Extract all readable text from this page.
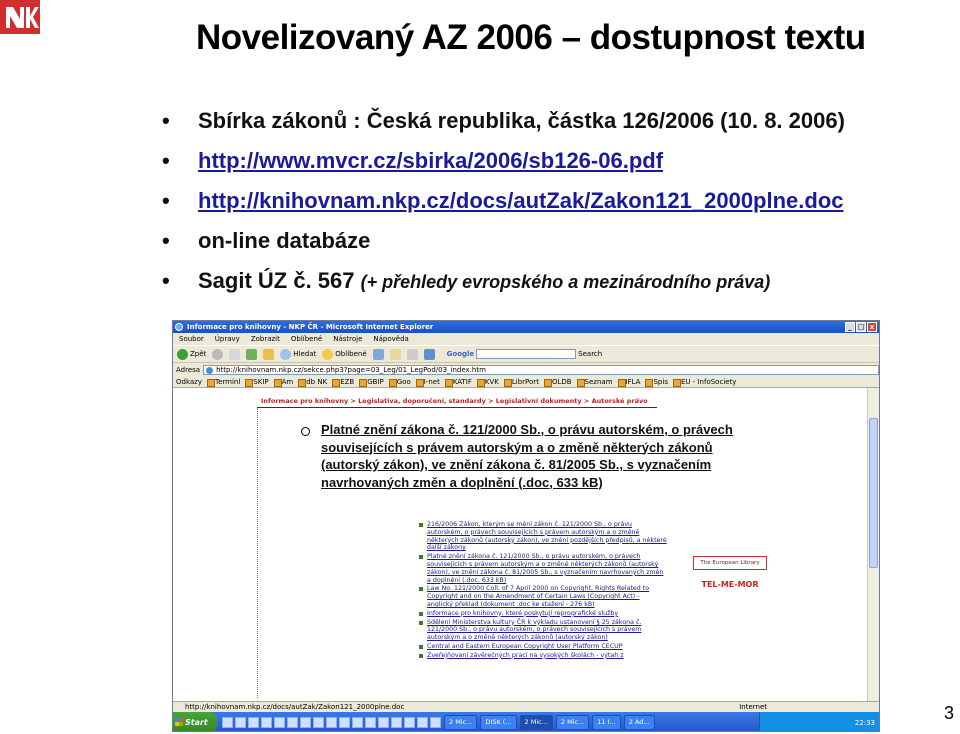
Novelizovaný AZ 2006 – dostupnost textu
• Sbírka zákonů : Česká republika, částka 126/2006 (10. 8. 2006)
• http://www.mvcr.cz/sbirka/2006/sb126-06.pdf
• http://knihovnam.nkp.cz/docs/autZak/Zakon121_2000plne.doc
• on-line databáze
• Sagit ÚZ č. 567 (+ přehledy evropského a mezinárodního práva)
Informace pro knihovny - NKP ČR - Microsoft Internet Explorer	_ □ x
Soubor Úpravy Zobrazit Oblíbené Nástroje Nápověda
Zpět	Hledat	Oblíbené	Google	Search
Adresa	http://knihovnam.nkp.cz/sekce.php3?page=03_Leg/01_LegPod/03_index.htm
Odkazy	Termínl	SKIP	Am	db NK	EZB	GBIP	Goo	I-net	KATIF	KVK	LibrPort	OLDB	Seznam	IFLA	Spis	EU - InfoSociety
Informace pro knihovny > Legislativa, doporučení, standardy > Legislativní dokumenty > Autorské právo
The European Library
TEL-ME-MOR
216/2006 Zákon, kterým se mění zákon č. 121/2000 Sb., o právu autorském, o právech souvisejících s právem autorským a o změně některých zákonů (autorský zákon), ve znění pozdějších předpisů, a některé další zákony
Platné znění zákona č. 121/2000 Sb., o právu autorském, o právech souvisejících s právem autorským a o změně některých zákonů (autorský zákon), ve znění zákona č. 81/2005 Sb., s vyznačením navrhovaných změn a doplnění (.doc, 633 kB)
Law No. 121/2000 Coll. of 7 April 2000 on Copyright, Rights Related to Copyright and on the Amendment of Certain Laws (Copyright Act) - anglický překlad (dokument .doc ke stažení - 276 kB)
Informace pro knihovny, které poskytují reprografické služby
Sdělení Ministerstva kultury ČR k výkladu ustanovení § 25 zákona č. 121/2000 Sb., o právu autorském, o právech souvisejících s právem autorským a o změně některých zákonů (autorský zákon)
Central and Eastern European Copyright User Platform CECUP
Zveřejňovaní závěrečných prací na vysokých školách - výtah z
Platné znění zákona č. 121/2000 Sb., o právu autorském, o právech souvisejících s právem autorským a o změně některých zákonů (autorský zákon), ve znění zákona č. 81/2005 Sb., s vyznačením navrhovaných změn a doplnění (.doc, 633 kB)
http://knihovnam.nkp.cz/docs/autZak/Zakon121_2000plne.doc	Internet
Start	2 Mic...	DISK (...	2 Mic...	2 Mic...	11 I...	2 Ad...	22:33	3
